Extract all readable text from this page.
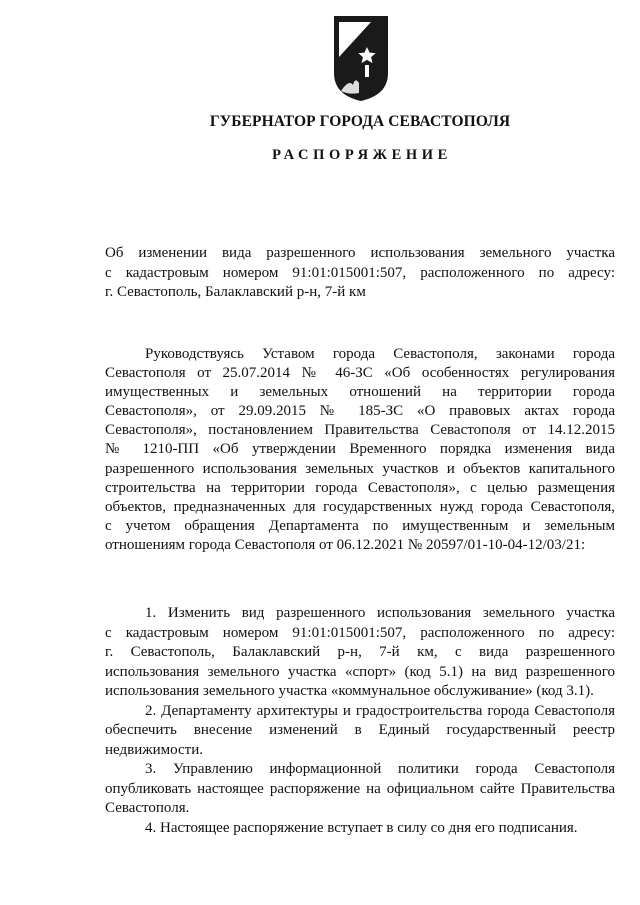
ГУБЕРНАТОР ГОРОДА СЕВАСТОПОЛЯ
РАСПОРЯЖЕНИЕ
Об изменении вида разрешенного использования земельного участка
с кадастровым номером 91:01:015001:507, расположенного по адресу:
г. Севастополь, Балаклавский р-н, 7-й км
Руководствуясь Уставом города Севастополя, законами города
Севастополя от 25.07.2014 № 46-ЗС «Об особенностях регулирования
имущественных и земельных отношений на территории города
Севастополя», от 29.09.2015 № 185-ЗС «О правовых актах города
Севастополя», постановлением Правительства Севастополя от 14.12.2015
№ 1210-ПП «Об утверждении Временного порядка изменения вида
разрешенного использования земельных участков и объектов капитального
строительства на территории города Севастополя», с целью размещения
объектов, предназначенных для государственных нужд города Севастополя,
с учетом обращения Департамента по имущественным и земельным
отношениям города Севастополя от 06.12.2021 № 20597/01-10-04-12/03/21:
1. Изменить вид разрешенного использования земельного участка
с кадастровым номером 91:01:015001:507, расположенного по адресу:
г. Севастополь, Балаклавский р-н, 7-й км, с вида разрешенного
использования земельного участка «спорт» (код 5.1) на вид разрешенного
использования земельного участка «коммунальное обслуживание» (код 3.1).
2. Департаменту архитектуры и градостроительства города Севастополя
обеспечить внесение изменений в Единый государственный реестр
недвижимости.
3. Управлению информационной политики города Севастополя
опубликовать настоящее распоряжение на официальном сайте Правительства
Севастополя.
4. Настоящее распоряжение вступает в силу со дня его подписания.
